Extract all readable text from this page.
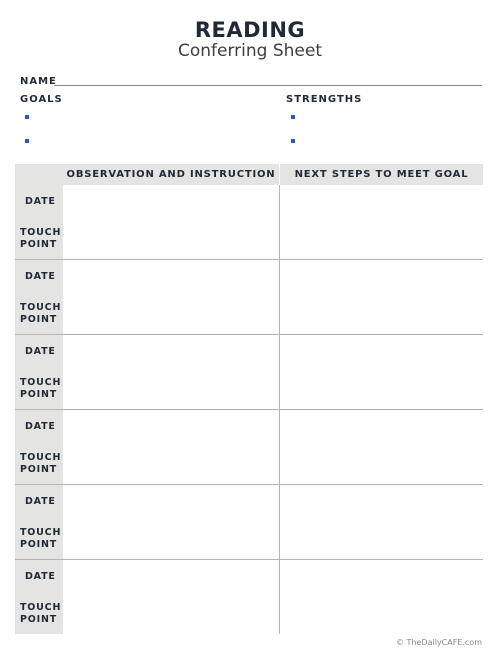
READING
Conferring Sheet
NAME
GOALS	STRENGTHS
OBSERVATION AND INSTRUCTION	NEXT STEPS TO MEET GOAL
DATE
TOUCH POINT
DATE
TOUCH POINT
DATE
TOUCH POINT
DATE
TOUCH POINT
DATE
TOUCH POINT
DATE
TOUCH POINT
© TheDailyCAFE.com
